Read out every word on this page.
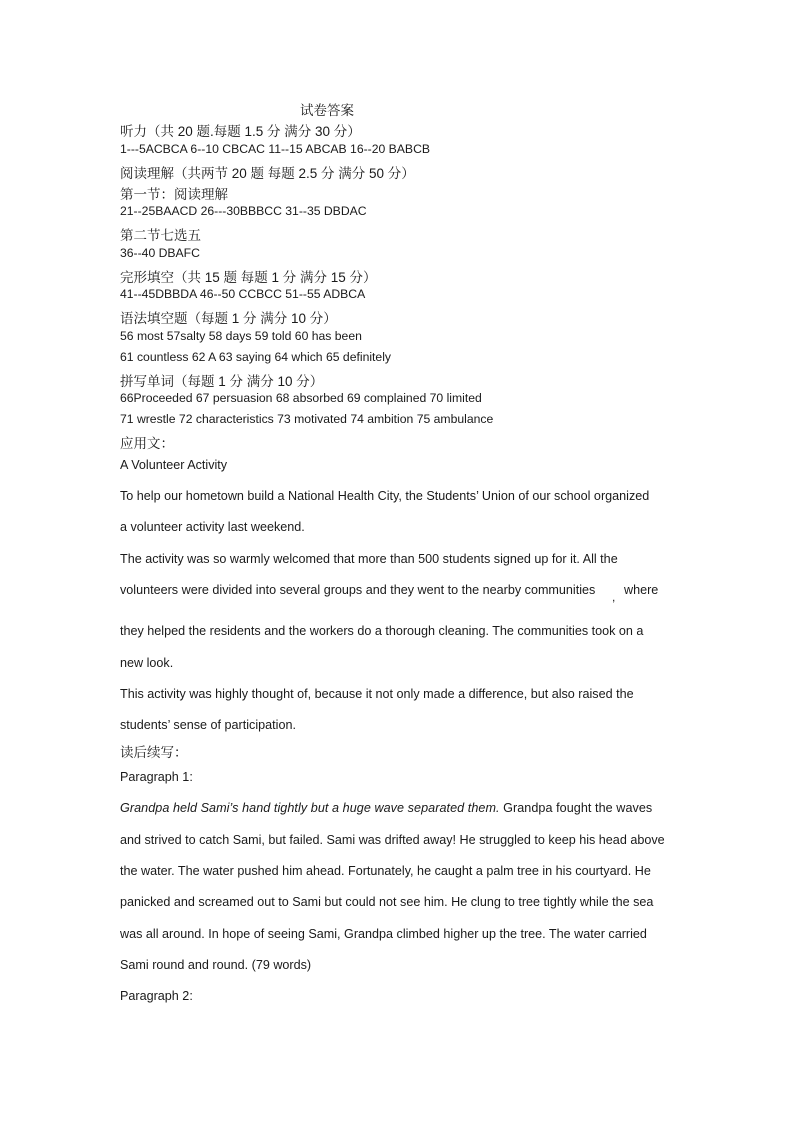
试卷答案
听力（共 20 题.每题 1.5 分 满分 30 分）
1---5ACBCA 6--10 CBCAC 11--15 ABCAB 16--20 BABCB
阅读理解（共两节 20 题 每题 2.5 分 满分 50 分）
第一节：阅读理解
21--25BAACD 26---30BBBCC 31--35 DBDAC
第二节七选五
36--40 DBAFC
完形填空（共 15 题 每题 1 分 满分 15 分）
41--45DBBDA 46--50 CCBCC 51--55 ADBCA
语法填空题（每题 1 分 满分 10 分）
56 most 57salty 58 days 59 told 60 has been
61 countless 62 A 63 saying 64 which 65 definitely
拼写单词（每题 1 分 满分 10 分）
66Proceeded 67 persuasion 68 absorbed 69 complained 70 limited
71 wrestle 72 characteristics 73 motivated 74 ambition 75 ambulance
应用文：
A Volunteer Activity
To help our hometown build a National Health City, the Students’ Union of our school organized
a volunteer activity last weekend.
The activity was so warmly welcomed that more than 500 students signed up for it. All the
volunteers were divided into several groups and they went to the nearby communities , where
they helped the residents and the workers do a thorough cleaning. The communities took on a
new look.
This activity was highly thought of, because it not only made a difference, but also raised the
students’ sense of participation.
读后续写：
Paragraph 1:
Grandpa held Sami’s hand tightly but a huge wave separated them. Grandpa fought the waves
and strived to catch Sami, but failed. Sami was drifted away! He struggled to keep his head above
the water. The water pushed him ahead. Fortunately, he caught a palm tree in his courtyard. He
panicked and screamed out to Sami but could not see him. He clung to tree tightly while the sea
was all around. In hope of seeing Sami, Grandpa climbed higher up the tree. The water carried
Sami round and round. (79 words)
Paragraph 2:
